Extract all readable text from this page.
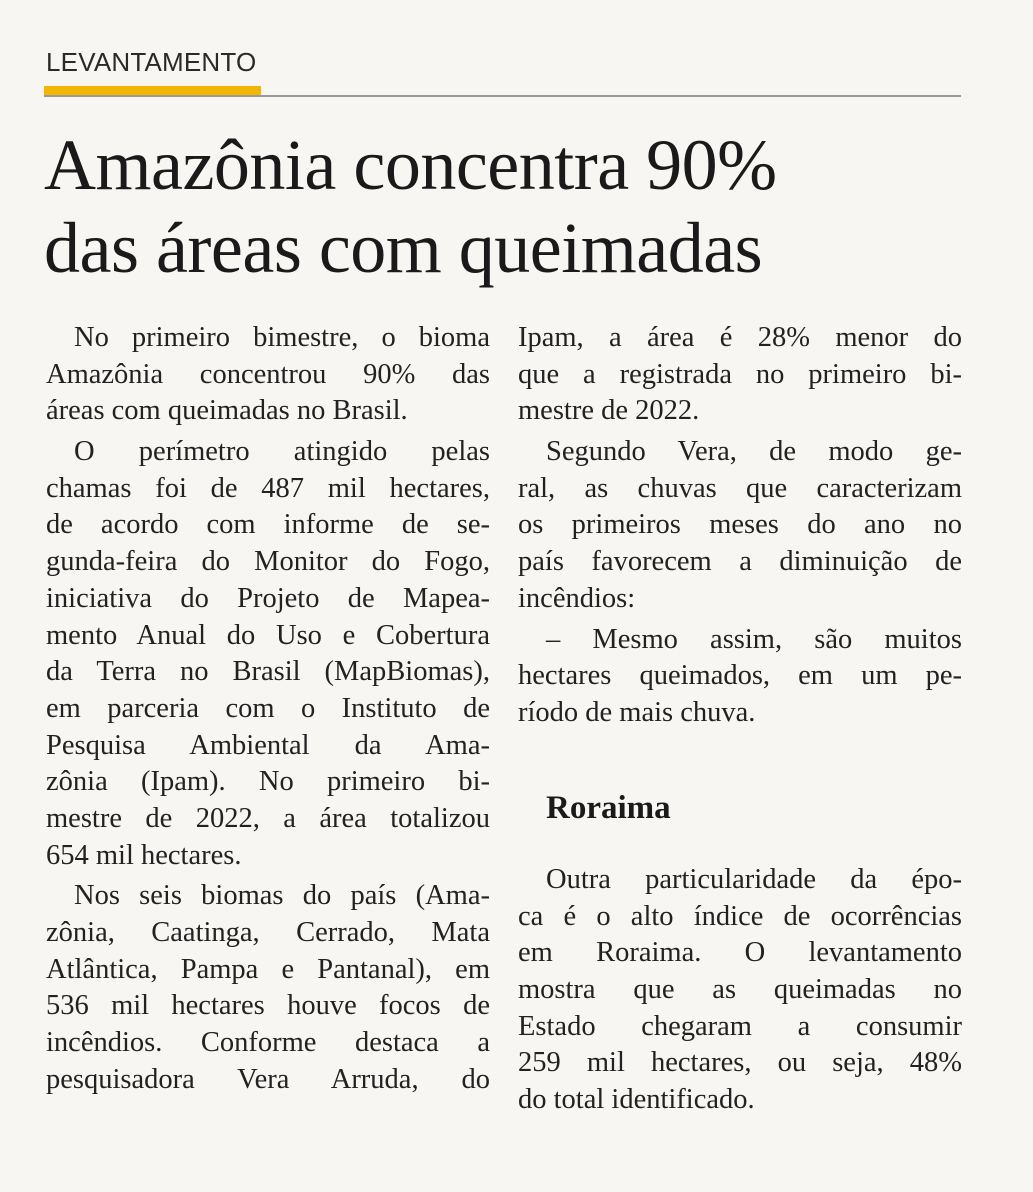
LEVANTAMENTO
Amazônia concentra 90%
das áreas com queimadas
No primeiro bimestre, o bioma
Amazônia concentrou 90% das
áreas com queimadas no Brasil.
O perímetro atingido pelas
chamas foi de 487 mil hectares,
de acordo com informe de se-
gunda-feira do Monitor do Fogo,
iniciativa do Projeto de Mapea-
mento Anual do Uso e Cobertura
da Terra no Brasil (MapBiomas),
em parceria com o Instituto de
Pesquisa Ambiental da Ama-
zônia (Ipam). No primeiro bi-
mestre de 2022, a área totalizou
654 mil hectares.
Nos seis biomas do país (Ama-
zônia, Caatinga, Cerrado, Mata
Atlântica, Pampa e Pantanal), em
536 mil hectares houve focos de
incêndios. Conforme destaca a
pesquisadora Vera Arruda, do
Ipam, a área é 28% menor do
que a registrada no primeiro bi-
mestre de 2022.
Segundo Vera, de modo ge-
ral, as chuvas que caracterizam
os primeiros meses do ano no
país favorecem a diminuição de
incêndios:
– Mesmo assim, são muitos
hectares queimados, em um pe-
ríodo de mais chuva.
Roraima
Outra particularidade da épo-
ca é o alto índice de ocorrências
em Roraima. O levantamento
mostra que as queimadas no
Estado chegaram a consumir
259 mil hectares, ou seja, 48%
do total identificado.
